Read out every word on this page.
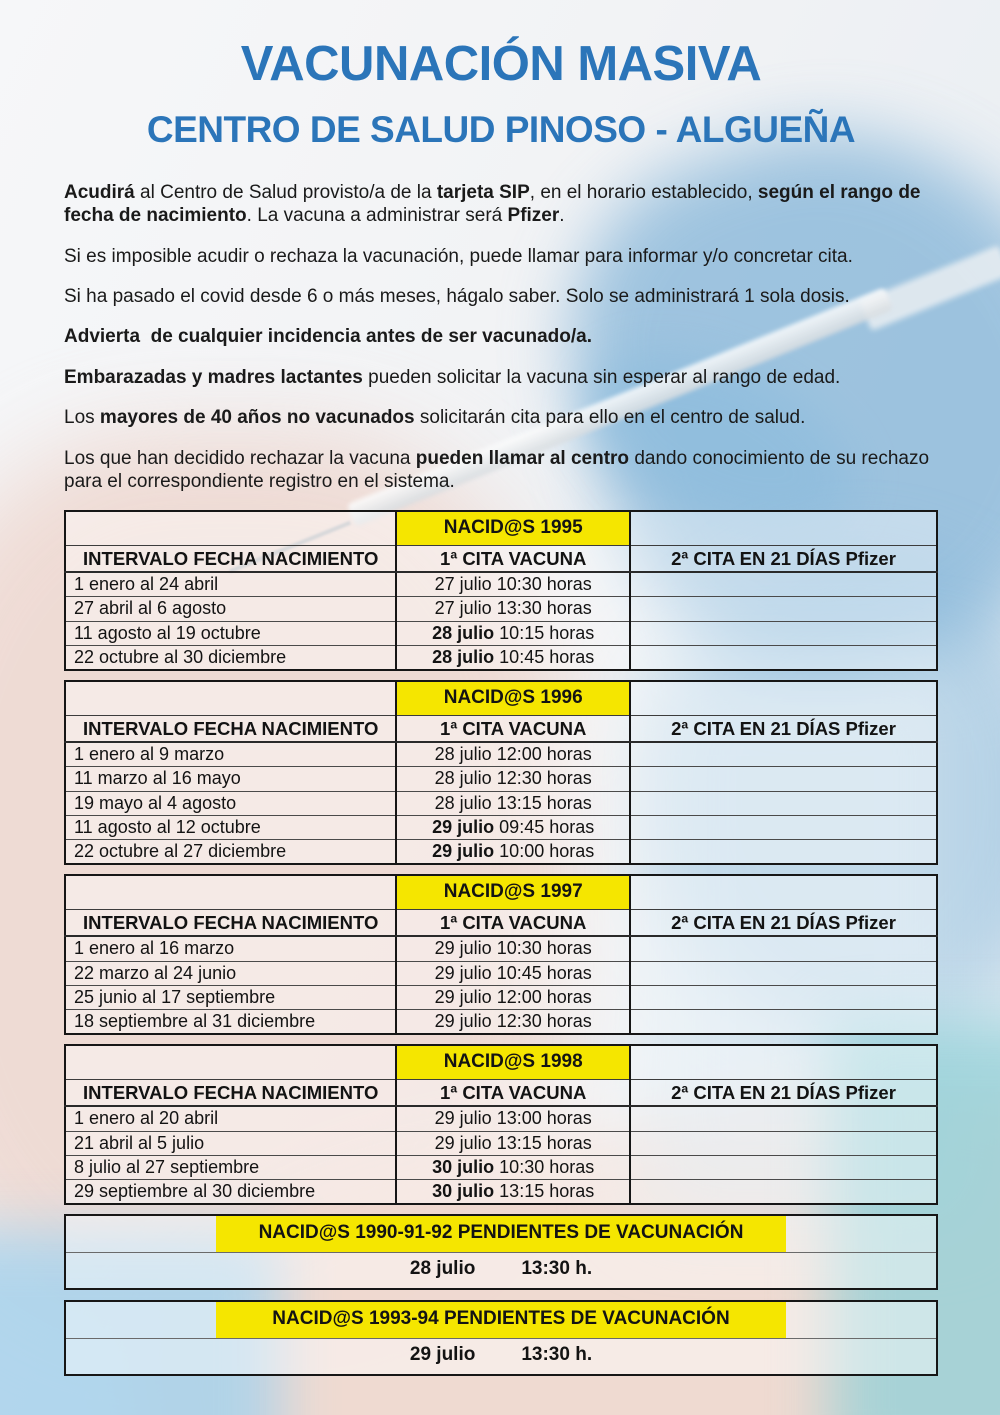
VACUNACIÓN MASIVA
CENTRO DE SALUD PINOSO - ALGUEÑA

Acudirá al Centro de Salud provisto/a de la tarjeta SIP, en el horario establecido, según el rango de fecha de nacimiento. La vacuna a administrar será Pfizer.

Si es imposible acudir o rechaza la vacunación, puede llamar para informar y/o concretar cita.

Si ha pasado el covid desde 6 o más meses, hágalo saber. Solo se administrará 1 sola dosis.

Advierta  de cualquier incidencia antes de ser vacunado/a.

Embarazadas y madres lactantes pueden solicitar la vacuna sin esperar al rango de edad.

Los mayores de 40 años no vacunados solicitarán cita para ello en el centro de salud.

Los que han decidido rechazar la vacuna pueden llamar al centro dando conocimiento de su rechazo para el correspondiente registro en el sistema.

	NACID@S 1995	
INTERVALO FECHA NACIMIENTO	1ª CITA VACUNA	2ª CITA EN 21 DÍAS Pfizer
1 enero al 24 abril	27 julio 10:30 horas	
27 abril al 6 agosto	27 julio 13:30 horas	
11 agosto al 19 octubre	28 julio 10:15 horas	
22 octubre al 30 diciembre	28 julio 10:45 horas	
	NACID@S 1996	
INTERVALO FECHA NACIMIENTO	1ª CITA VACUNA	2ª CITA EN 21 DÍAS Pfizer
1 enero al 9 marzo	28 julio 12:00 horas	
11 marzo al 16 mayo	28 julio 12:30 horas	
19 mayo al 4 agosto	28 julio 13:15 horas	
11 agosto al 12 octubre	29 julio 09:45 horas	
22 octubre al 27 diciembre	29 julio 10:00 horas	
	NACID@S 1997	
INTERVALO FECHA NACIMIENTO	1ª CITA VACUNA	2ª CITA EN 21 DÍAS Pfizer
1 enero al 16 marzo	29 julio 10:30 horas	
22 marzo al 24 junio	29 julio 10:45 horas	
25 junio al 17 septiembre	29 julio 12:00 horas	
18 septiembre al 31 diciembre	29 julio 12:30 horas	
	NACID@S 1998	
INTERVALO FECHA NACIMIENTO	1ª CITA VACUNA	2ª CITA EN 21 DÍAS Pfizer
1 enero al 20 abril	29 julio 13:00 horas	
21 abril al 5 julio	29 julio 13:15 horas	
8 julio al 27 septiembre	30 julio 10:30 horas	
29 septiembre al 30 diciembre	30 julio 13:15 horas	
NACID@S 1990-91-92 PENDIENTES DE VACUNACIÓN
28 julio 13:30 h.
NACID@S 1993-94 PENDIENTES DE VACUNACIÓN
29 julio 13:30 h.
